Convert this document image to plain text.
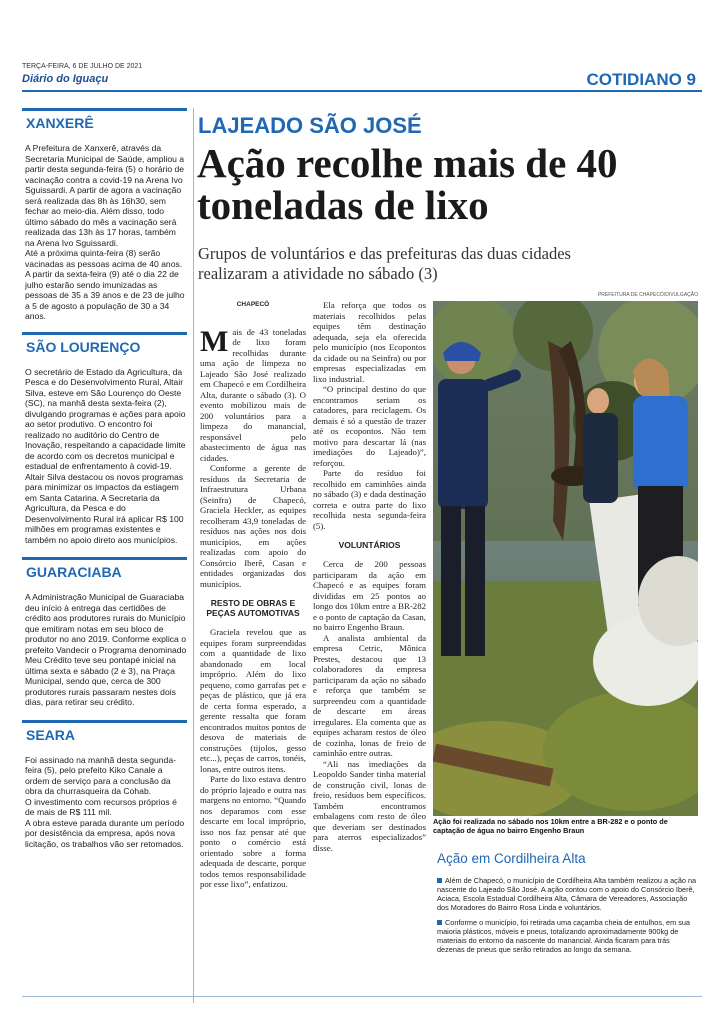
TERÇA-FEIRA, 6 DE JULHO DE 2021
Diário do Iguaçu	COTIDIANO 9
XANXERÊ
A Prefeitura de Xanxerê, através da Secretaria Municipal de Saúde, ampliou a partir desta segunda-feira (5) o horário de vacinação contra a covid-19 na Arena Ivo Sguissardi. A partir de agora a vacinação será realizada das 8h às 16h30, sem fechar ao meio-dia. Além disso, todo último sábado do mês a vacinação será realizada das 13h às 17 horas, também na Arena Ivo Sguissardi.
Até a próxima quinta-feira (8) serão vacinadas as pessoas acima de 40 anos. A partir da sexta-feira (9) até o dia 22 de julho estarão sendo imunizadas as pessoas de 35 a 39 anos e de 23 de julho a 5 de agosto a população de 30 a 34 anos.
SÃO LOURENÇO
O secretário de Estado da Agricultura, da Pesca e do Desenvolvimento Rural, Altair Silva, esteve em São Lourenço do Oeste (SC), na manhã desta sexta-feira (2), divulgando programas e ações para apoio ao setor produtivo. O encontro foi realizado no auditório do Centro de Inovação, respeitando a capacidade limite de acordo com os decretos municipal e estadual de enfrentamento à covid-19.
Altair Silva destacou os novos programas para minimizar os impactos da estiagem em Santa Catarina. A Secretaria da Agricultura, da Pesca e do Desenvolvimento Rural irá aplicar R$ 100 milhões em programas existentes e também no apoio direto aos municípios.
GUARACIABA
A Administração Municipal de Guaraciaba deu início à entrega das certidões de crédito aos produtores rurais do Município que emitiram notas em seu bloco de produtor no ano 2019. Conforme explica o prefeito Vandecir o Programa denominado Meu Crédito teve seu pontapé inicial na última sexta e sábado (2 e 3), na Praça Municipal, sendo que, cerca de 300 produtores rurais passaram nestes dois dias, para retirar seu crédito.
SEARA
Foi assinado na manhã desta segunda-feira (5), pelo prefeito Kiko Canale a ordem de serviço para a conclusão da obra da churrasqueira da Cohab.
O investimento com recursos próprios é de mais de R$ 111 mil.
A obra esteve parada durante um período por desistência da empresa, após nova licitação, os trabalhos vão ser retomados.
LAJEADO SÃO JOSÉ
Ação recolhe mais de 40 toneladas de lixo
Grupos de voluntários e das prefeituras das duas cidades realizaram a atividade no sábado (3)
CHAPECÓ

Mais de 43 toneladas de lixo foram recolhidas durante uma ação de limpeza no Lajeado São José realizado em Chapecó e em Cordilheira Alta, durante o sábado (3). O evento mobilizou mais de 200 voluntários para a limpeza do manancial, responsável pelo abastecimento de água nas cidades.

Conforme a gerente de resíduos da Secretaria de Infraestrutura Urbana (Seinfra) de Chapecó, Graciela Heckler, as equipes recolheram 43,9 toneladas de resíduos nas ações nos dois municípios, em ações realizadas com apoio do Consórcio Iberê, Casan e entidades organizadas dos municípios.

RESTO DE OBRAS E PEÇAS AUTOMOTIVAS

Graciela revelou que as equipes foram surpreendidas com a quantidade de lixo abandonado em local impróprio. Além do lixo pequeno, como garrafas pet e peças de plástico, que já era de certa forma esperado, a gerente ressalta que foram encontrados muitos pontos de desova de materiais de construções (tijolos, gesso etc...), peças de carros, tonéis, lonas, entre outros itens.

Parte do lixo estava dentro do próprio lajeado e outra nas margens no entorno. “Quando nos deparamos com esse descarte em local impróprio, isso nos faz pensar até que ponto o comércio está orientado sobre a forma adequada de descarte, porque todos temos responsabilidade por esse lixo”, enfatizou.

Ela reforça que todos os materiais recolhidos pelas equipes têm destinação adequada, seja ela oferecida pelo município (nos Ecopontos da cidade ou na Seinfra) ou por empresas especializadas em lixo industrial.

“O principal destino do que encontramos seriam os catadores, para reciclagem. Os demais é só a questão de trazer até os ecopontos. Não tem motivo para descartar lá (nas imediações do Lajeado)”, reforçou.

Parte do resíduo foi recolhido em caminhões ainda no sábado (3) e dada destinação correta e outra parte do lixo recolhida nesta segunda-feira (5).

VOLUNTÁRIOS

Cerca de 200 pessoas participaram da ação em Chapecó e as equipes foram divididas em 25 pontos ao longo dos 10km entre a BR-282 e o ponto de captação da Casan, no bairro Engenho Braun.

A analista ambiental da empresa Cetric, Mônica Prestes, destacou que 13 colaboradores da empresa participaram da ação no sábado e reforça que também se surpreendeu com a quantidade de descarte em áreas irregulares. Ela comenta que as equipes acharam restos de óleo de cozinha, lonas de freio de caminhão entre outras.

“Ali nas imediações da Leopoldo Sander tinha material de construção civil, lonas de freio, resíduos bem específicos. Também encontramos embalagens com resto de óleo que deveriam ser destinados para aterros especializados” disse.

PREFEITURA DE CHAPECÓ/DIVULGAÇÃO
Ação foi realizada no sábado nos 10km entre a BR-282 e o ponto de captação de água no bairro Engenho Braun
Ação em Cordilheira Alta

Além de Chapecó, o município de Cordilheira Alta também realizou a ação na nascente do Lajeado São José. A ação contou com o apoio do Consórcio Iberê, Aciaca, Escola Estadual Cordilheira Alta, Câmara de Vereadores, Associação dos Moradores do Bairro Rosa Linda e voluntários.

Conforme o município, foi retirada uma caçamba cheia de entulhos, em sua maioria plásticos, móveis e pneus, totalizando aproximadamente 900kg de materiais do entorno da nascente do manancial. Ainda ficaram para trás dezenas de pneus que serão retirados ao longo da semana.
